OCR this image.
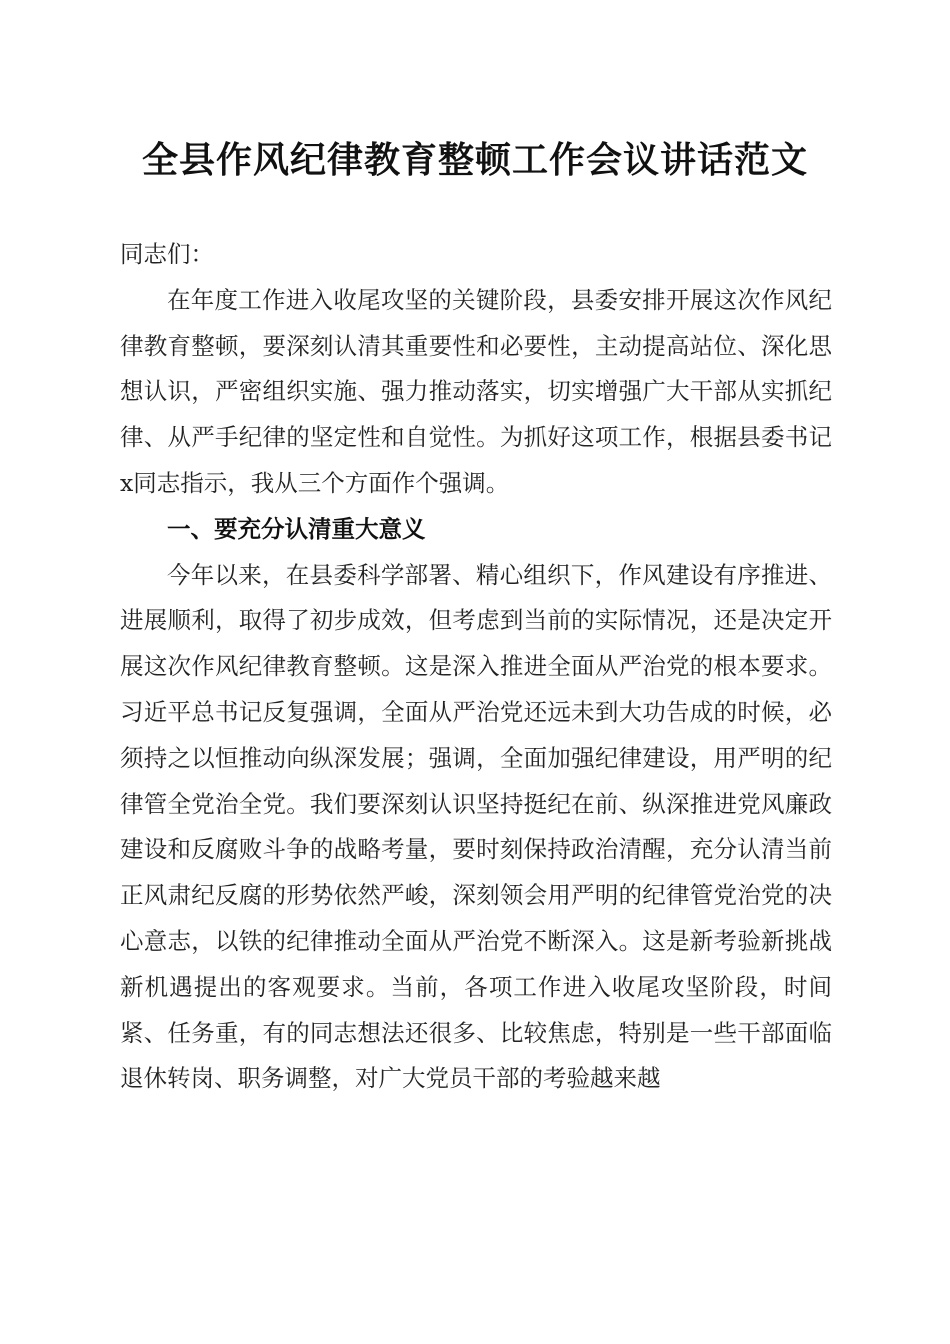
全县作风纪律教育整顿工作会议讲话范文

同志们：

在年度工作进入收尾攻坚的关键阶段，县委安排开展这次作风纪律教育整顿，要深刻认清其重要性和必要性，主动提高站位、深化思想认识，严密组织实施、强力推动落实，切实增强广大干部从实抓纪律、从严手纪律的坚定性和自觉性。为抓好这项工作，根据县委书记x同志指示，我从三个方面作个强调。

一、要充分认清重大意义

今年以来，在县委科学部署、精心组织下，作风建设有序推进、进展顺利，取得了初步成效，但考虑到当前的实际情况，还是决定开展这次作风纪律教育整顿。这是深入推进全面从严治党的根本要求。习近平总书记反复强调，全面从严治党还远未到大功告成的时候，必须持之以恒推动向纵深发展；强调，全面加强纪律建设，用严明的纪律管全党治全党。我们要深刻认识坚持挺纪在前、纵深推进党风廉政建设和反腐败斗争的战略考量，要时刻保持政治清醒，充分认清当前正风肃纪反腐的形势依然严峻，深刻领会用严明的纪律管党治党的决心意志，以铁的纪律推动全面从严治党不断深入。这是新考验新挑战新机遇提出的客观要求。当前，各项工作进入收尾攻坚阶段，时间紧、任务重，有的同志想法还很多、比较焦虑，特别是一些干部面临退休转岗、职务调整，对广大党员干部的考验越来越
